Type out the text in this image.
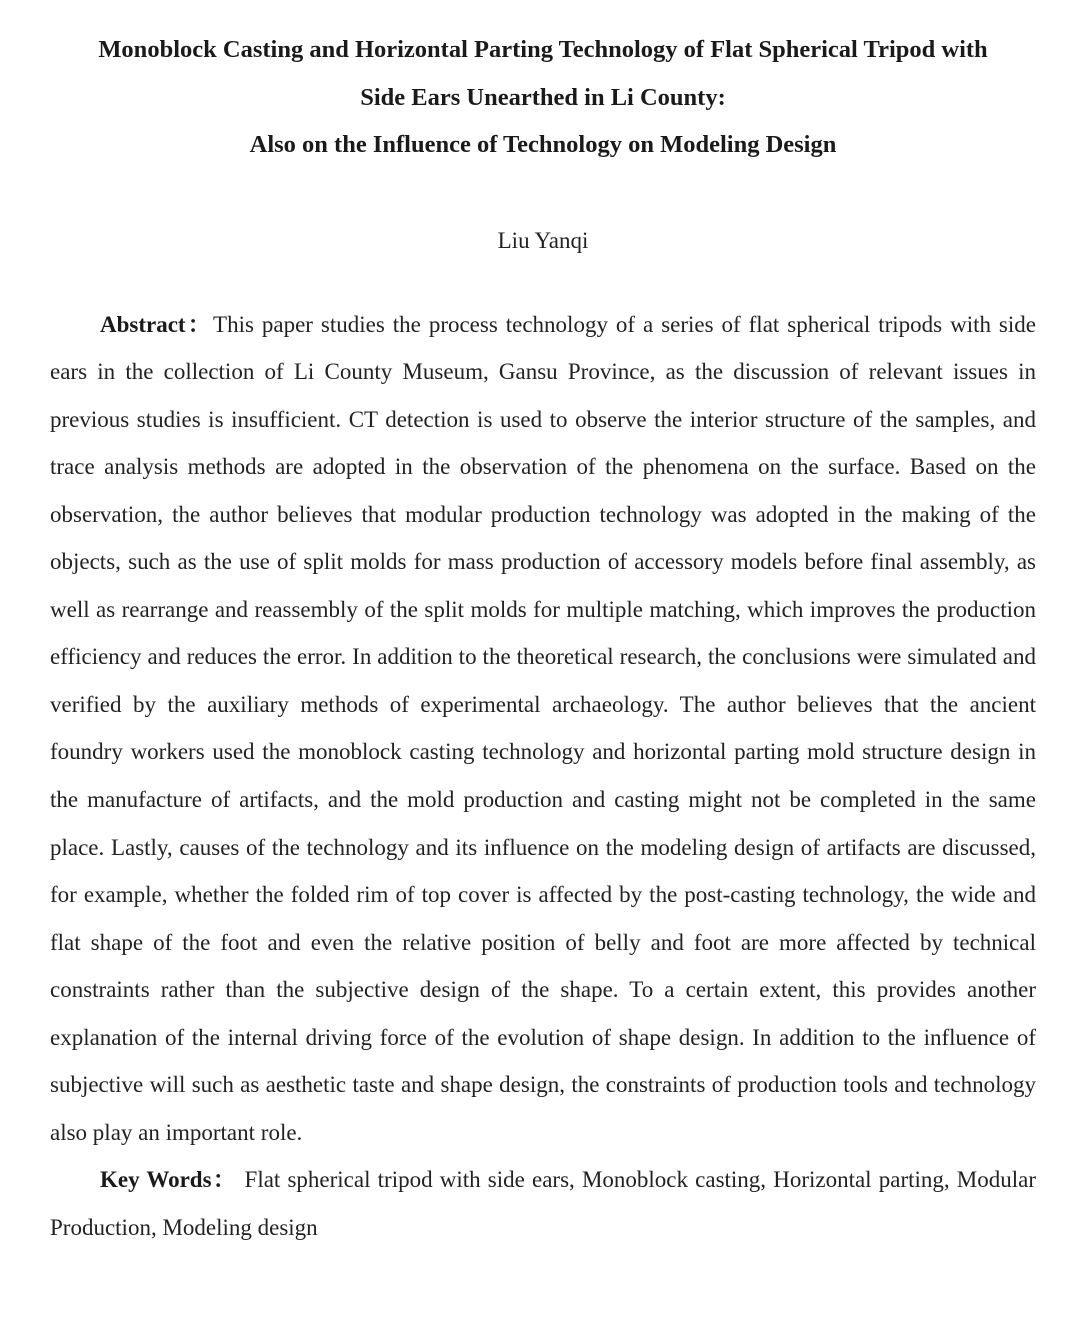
Monoblock Casting and Horizontal Parting Technology of Flat Spherical Tripod with
Side Ears Unearthed in Li County:
Also on the Influence of Technology on Modeling Design

Liu Yanqi

Abstract：This paper studies the process technology of a series of flat spherical tripods with side ears in the collection of Li County Museum, Gansu Province, as the discussion of relevant issues in previous studies is insufficient. CT detection is used to observe the interior structure of the samples, and trace analysis methods are adopted in the observation of the phenomena on the surface. Based on the observation, the author believes that modular production technology was adopted in the making of the objects, such as the use of split molds for mass production of accessory models before final assembly, as well as rearrange and reassembly of the split molds for multiple matching, which improves the production efficiency and reduces the error. In addition to the theoretical research, the conclusions were simulated and verified by the auxiliary methods of experimental archaeology. The author believes that the ancient foundry workers used the monoblock casting technology and horizontal parting mold structure design in the manufacture of artifacts, and the mold production and casting might not be completed in the same place. Lastly, causes of the technology and its influence on the modeling design of artifacts are discussed, for example, whether the folded rim of top cover is affected by the post-casting technology, the wide and flat shape of the foot and even the relative position of belly and foot are more affected by technical constraints rather than the subjective design of the shape. To a certain extent, this provides another explanation of the internal driving force of the evolution of shape design. In addition to the influence of subjective will such as aesthetic taste and shape design, the constraints of production tools and technology also play an important role.

Key Words： Flat spherical tripod with side ears, Monoblock casting, Horizontal parting, Modular Production, Modeling design
